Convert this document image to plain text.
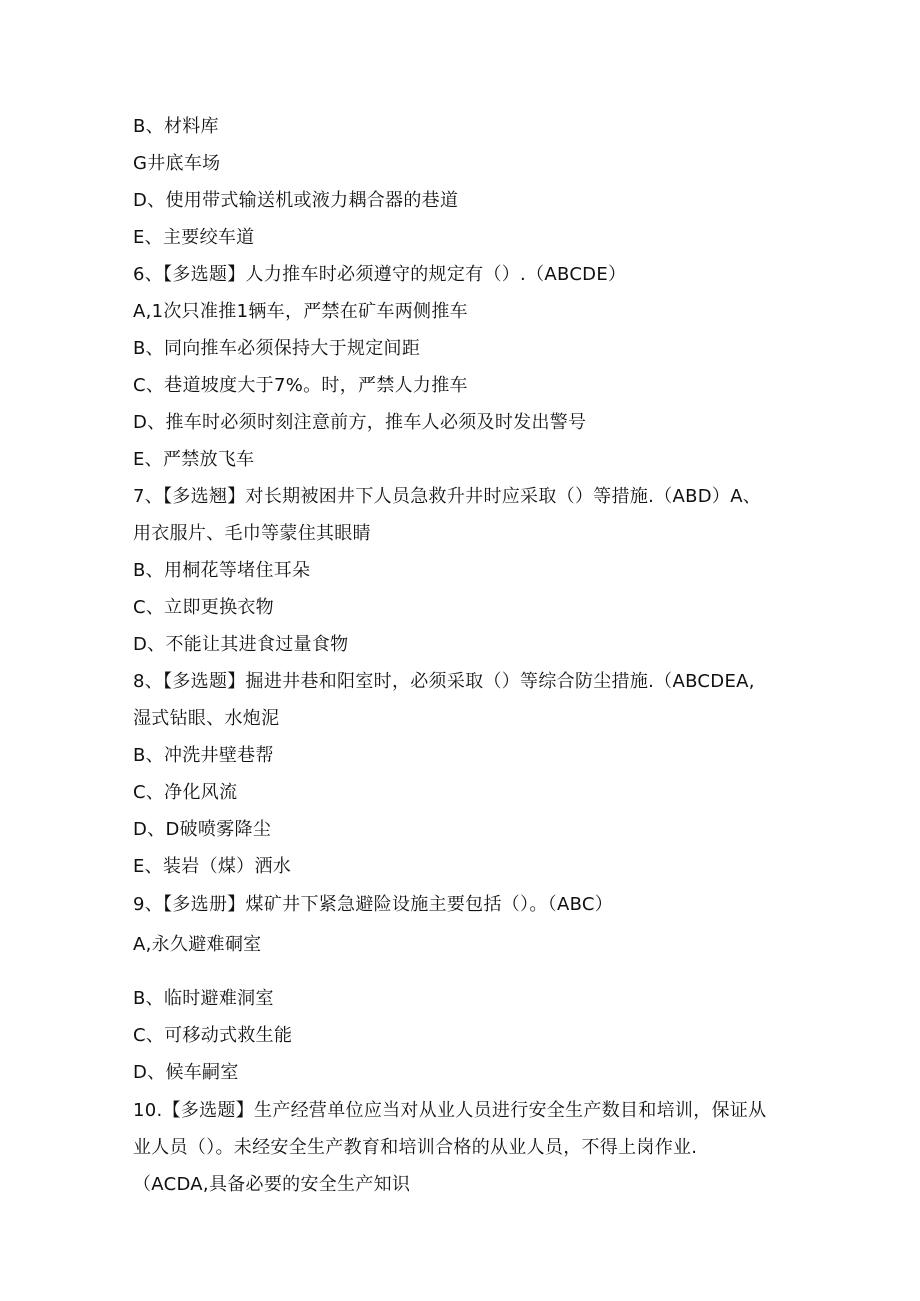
B、材料库
G井底车场
D、使用带式输送机或液力耦合器的巷道
E、主要绞车道
6、【多选题】人力推车时必须遵守的规定有（）.（ABCDE）
A,1次只准推1辆车，严禁在矿车两侧推车
B、同向推车必须保持大于规定间距
C、巷道坡度大于7%。时，严禁人力推车
D、推车时必须时刻注意前方，推车人必须及时发出警号
E、严禁放飞车
7、【多选翘】对长期被困井下人员急救升井时应采取（）等措施.（ABD）A、
用衣服片、毛巾等蒙住其眼睛
B、用桐花等堵住耳朵
C、立即更换衣物
D、不能让其进食过量食物
8、【多选题】掘进井巷和阳室时，必须采取（）等综合防尘措施.（ABCDEA,
湿式钻眼、水炮泥
B、冲洗井壁巷帮
C、净化风流
D、D破喷雾降尘
E、装岩（煤）洒水
9、【多选册】煤矿井下紧急避险设施主要包括（）。（ABC）
A,永久避难硐室
B、临时避难洞室
C、可移动式救生能
D、候车嗣室
10.【多选题】生产经营单位应当对从业人员进行安全生产数目和培训，保证从
业人员（）。未经安全生产教育和培训合格的从业人员，不得上岗作业.
（ACDA,具备必要的安全生产知识
